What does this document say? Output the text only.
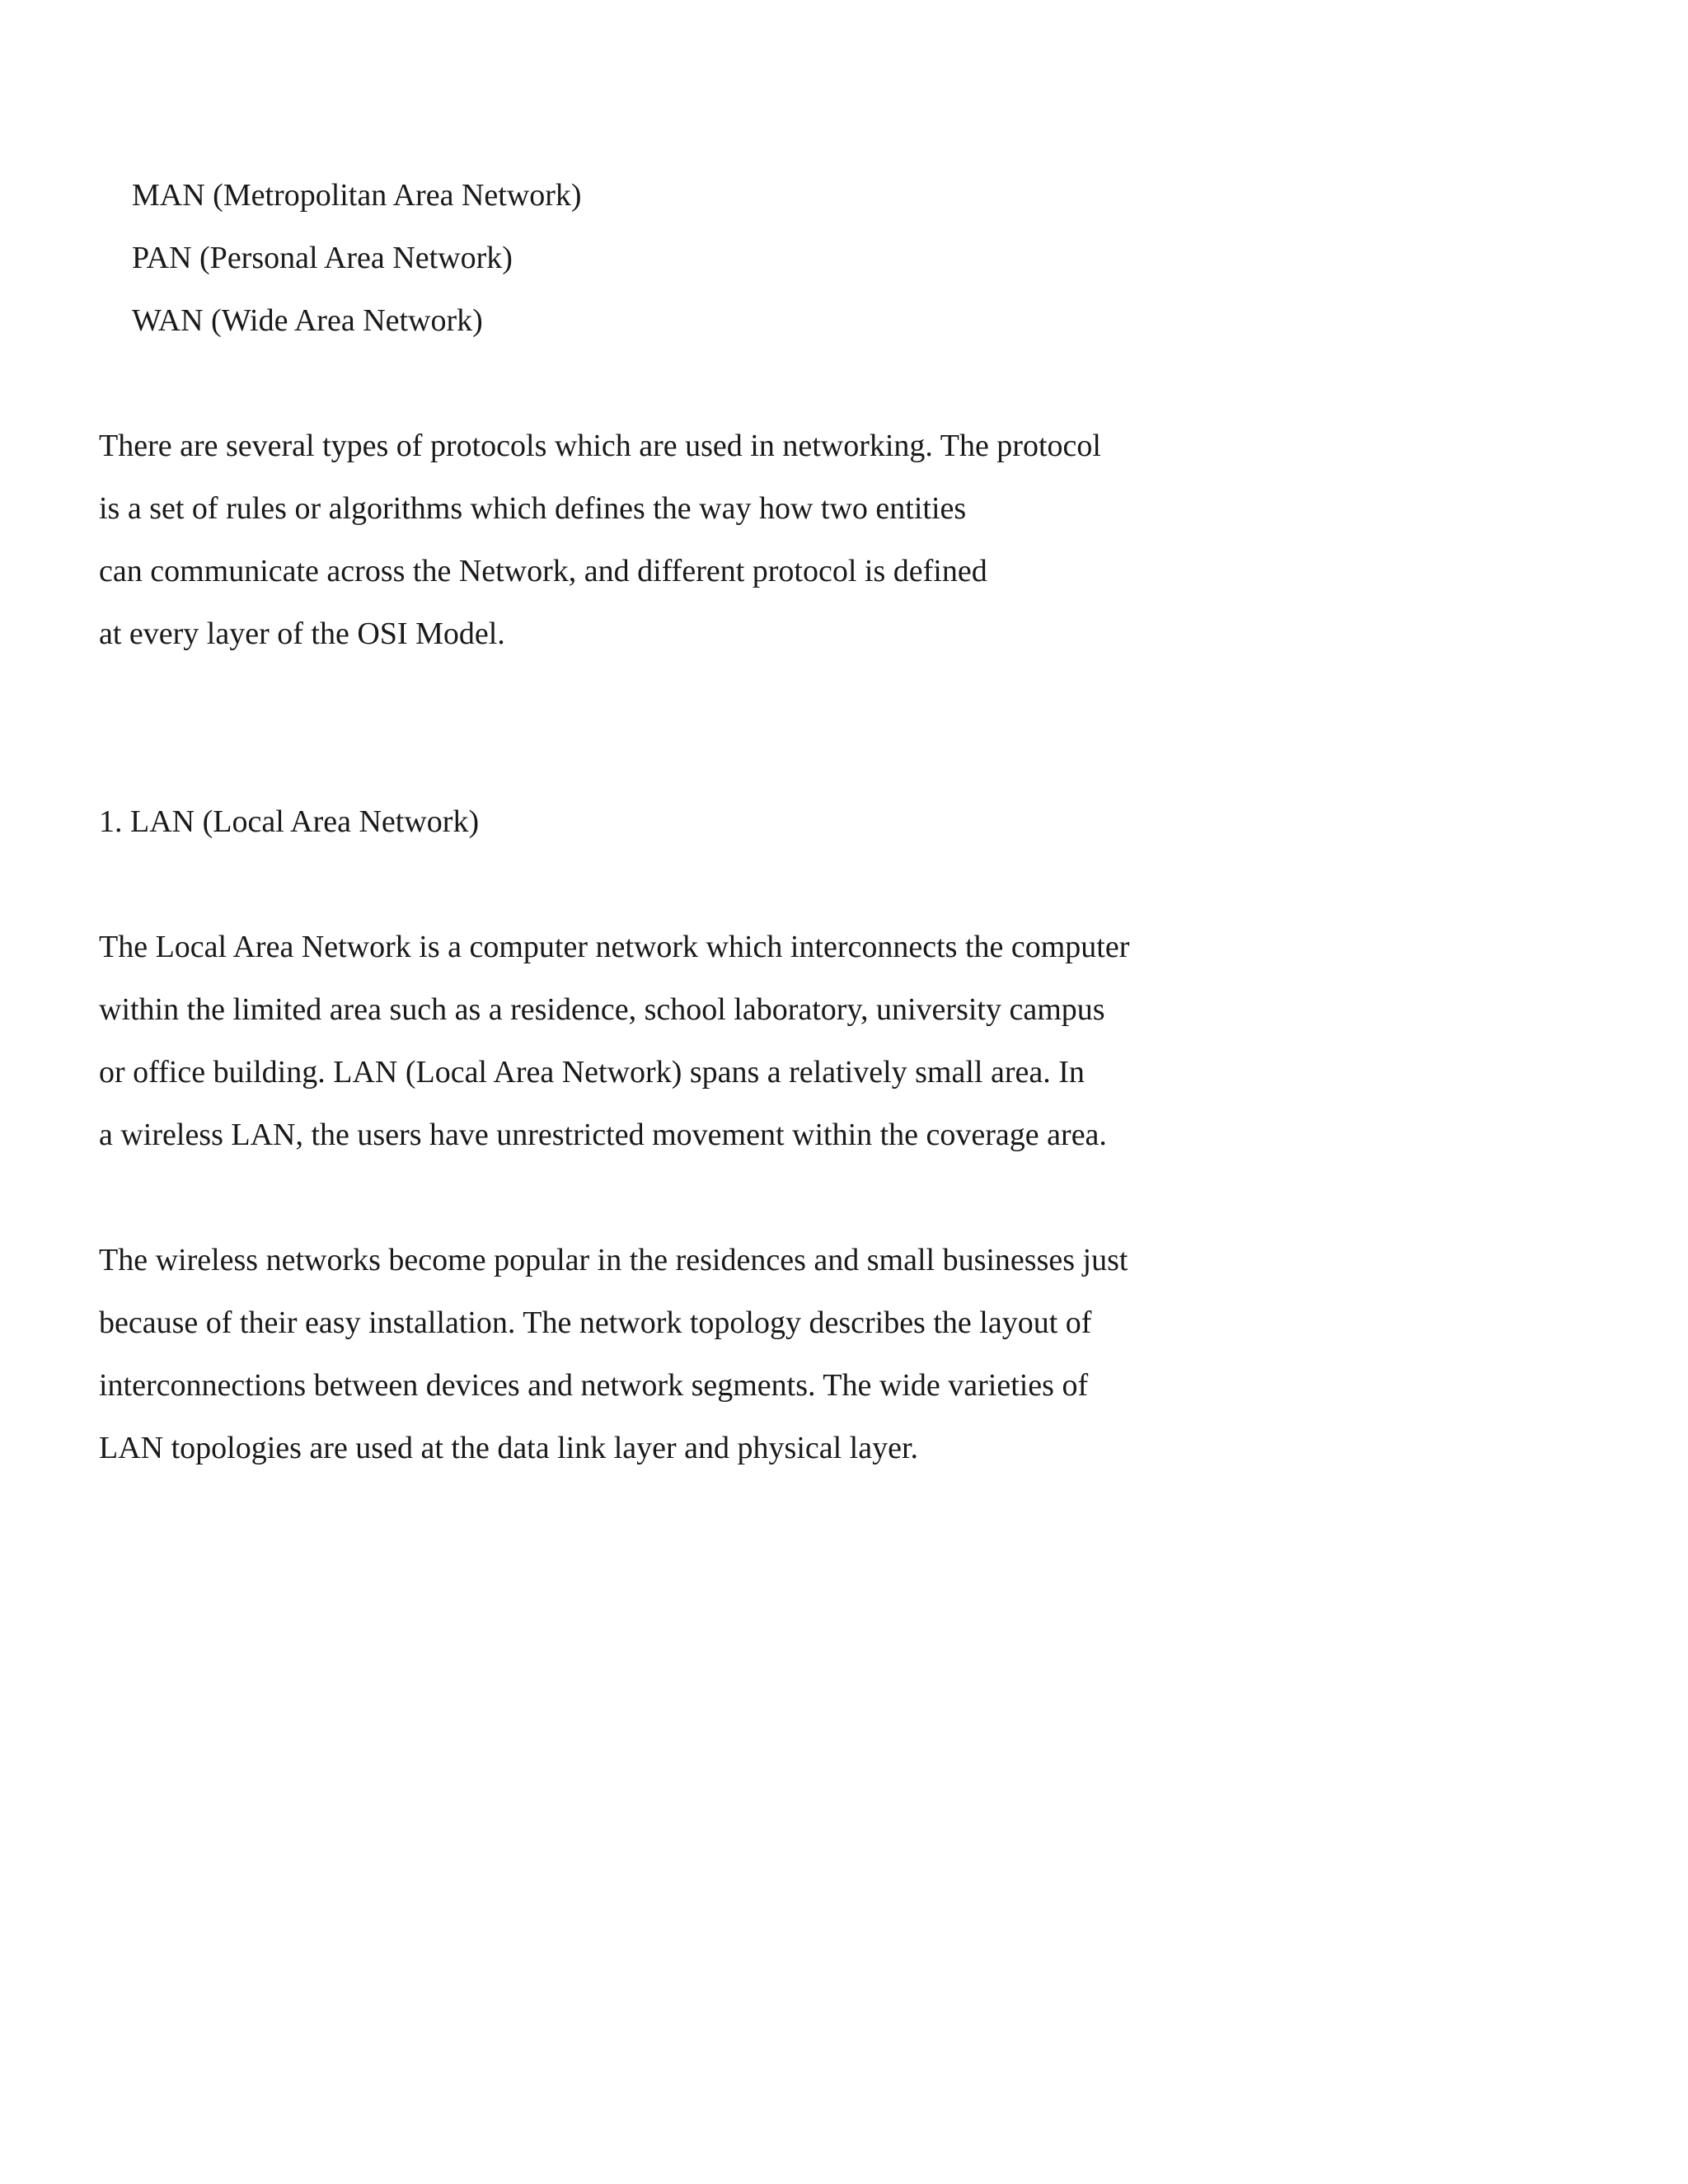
MAN (Metropolitan Area Network)
PAN (Personal Area Network)
WAN (Wide Area Network)
There are several types of protocols which are used in networking. The protocol
is a set of rules or algorithms which defines the way how two entities
can communicate across the Network, and different protocol is defined
at every layer of the OSI Model.
1. LAN (Local Area Network)
The Local Area Network is a computer network which interconnects the computer
within the limited area such as a residence, school laboratory, university campus
or office building. LAN (Local Area Network) spans a relatively small area. In
a wireless LAN, the users have unrestricted movement within the coverage area.
The wireless networks become popular in the residences and small businesses just
because of their easy installation. The network topology describes the layout of
interconnections between devices and network segments. The wide varieties of
LAN topologies are used at the data link layer and physical layer.
